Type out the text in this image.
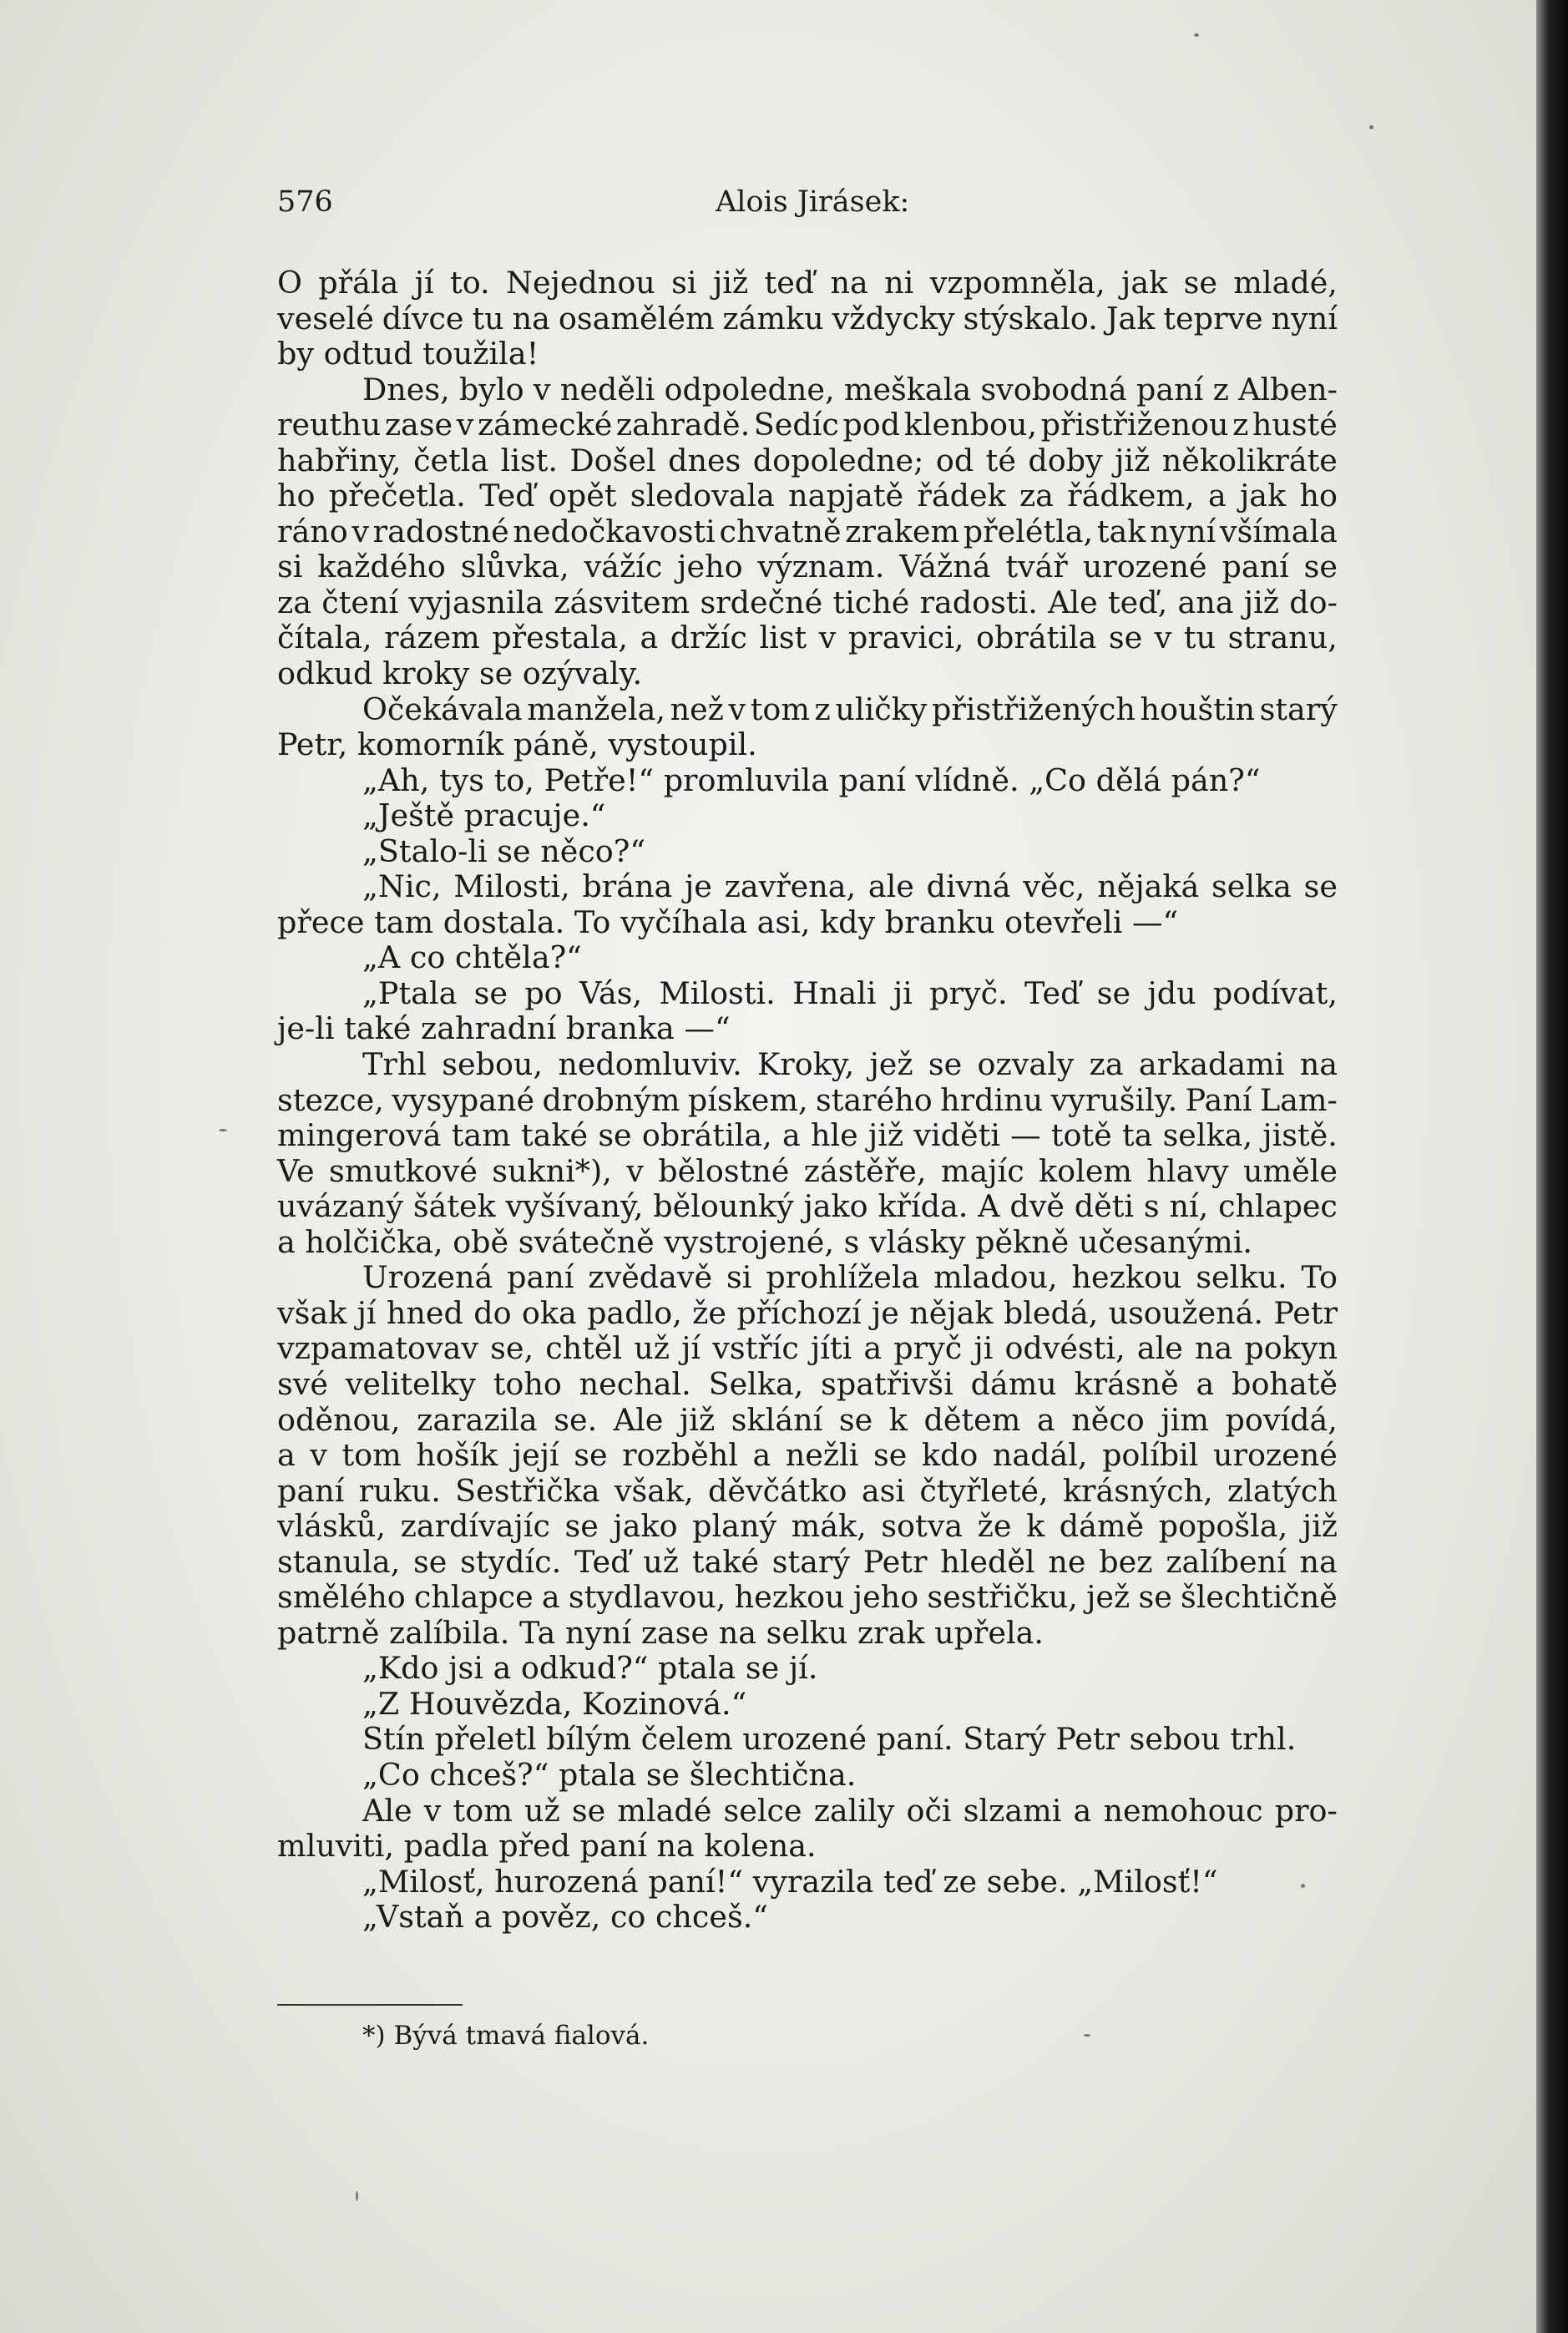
576	Alois Jirásek:
O přála jí to. Nejednou si již teď na ni vzpomněla, jak se mladé,
veselé dívce tu na osamělém zámku vždycky stýskalo. Jak teprve nyní
by odtud toužila!
Dnes, bylo v neděli odpoledne, meškala svobodná paní z Alben-
reuthu zase v zámecké zahradě. Sedíc pod klenbou, přistřiženou z husté
habřiny, četla list. Došel dnes dopoledne; od té doby již několikráte
ho přečetla. Teď opět sledovala napjatě řádek za řádkem, a jak ho
ráno v radostné nedočkavosti chvatně zrakem přelétla, tak nyní všímala
si každého slůvka, vážíc jeho význam. Vážná tvář urozené paní se
za čtení vyjasnila zásvitem srdečné tiché radosti. Ale teď, ana již do-
čítala, rázem přestala, a držíc list v pravici, obrátila se v tu stranu,
odkud kroky se ozývaly.
Očekávala manžela, než v tom z uličky přistřižených houštin starý
Petr, komorník páně, vystoupil.
„Ah, tys to, Petře!“ promluvila paní vlídně. „Co dělá pán?“
„Ještě pracuje.“
„Stalo-li se něco?“
„Nic, Milosti, brána je zavřena, ale divná věc, nějaká selka se
přece tam dostala. To vyčíhala asi, kdy branku otevřeli —“
„A co chtěla?“
„Ptala se po Vás, Milosti. Hnali ji pryč. Teď se jdu podívat,
je-li také zahradní branka —“
Trhl sebou, nedomluviv. Kroky, jež se ozvaly za arkadami na
stezce, vysypané drobným pískem, starého hrdinu vyrušily. Paní Lam-
mingerová tam také se obrátila, a hle již viděti — totě ta selka, jistě.
Ve smutkové sukni*), v bělostné zástěře, majíc kolem hlavy uměle
uvázaný šátek vyšívaný, bělounký jako křída. A dvě děti s ní, chlapec
a holčička, obě svátečně vystrojené, s vlásky pěkně učesanými.
Urozená paní zvědavě si prohlížela mladou, hezkou selku. To
však jí hned do oka padlo, že příchozí je nějak bledá, usoužená. Petr
vzpamatovav se, chtěl už jí vstříc jíti a pryč ji odvésti, ale na pokyn
své velitelky toho nechal. Selka, spatřivši dámu krásně a bohatě
oděnou, zarazila se. Ale již sklání se k dětem a něco jim povídá,
a v tom hošík její se rozběhl a nežli se kdo nadál, políbil urozené
paní ruku. Sestřička však, děvčátko asi čtyřleté, krásných, zlatých
vlásků, zardívajíc se jako planý mák, sotva že k dámě popošla, již
stanula, se stydíc. Teď už také starý Petr hleděl ne bez zalíbení na
smělého chlapce a stydlavou, hezkou jeho sestřičku, jež se šlechtičně
patrně zalíbila. Ta nyní zase na selku zrak upřela.
„Kdo jsi a odkud?“ ptala se jí.
„Z Houvězda, Kozinová.“
Stín přeletl bílým čelem urozené paní. Starý Petr sebou trhl.
„Co chceš?“ ptala se šlechtična.
Ale v tom už se mladé selce zalily oči slzami a nemohouc pro-
mluviti, padla před paní na kolena.
„Milosť, hurozená paní!“ vyrazila teď ze sebe. „Milosť!“
„Vstaň a pověz, co chceš.“
*) Bývá tmavá fialová.
